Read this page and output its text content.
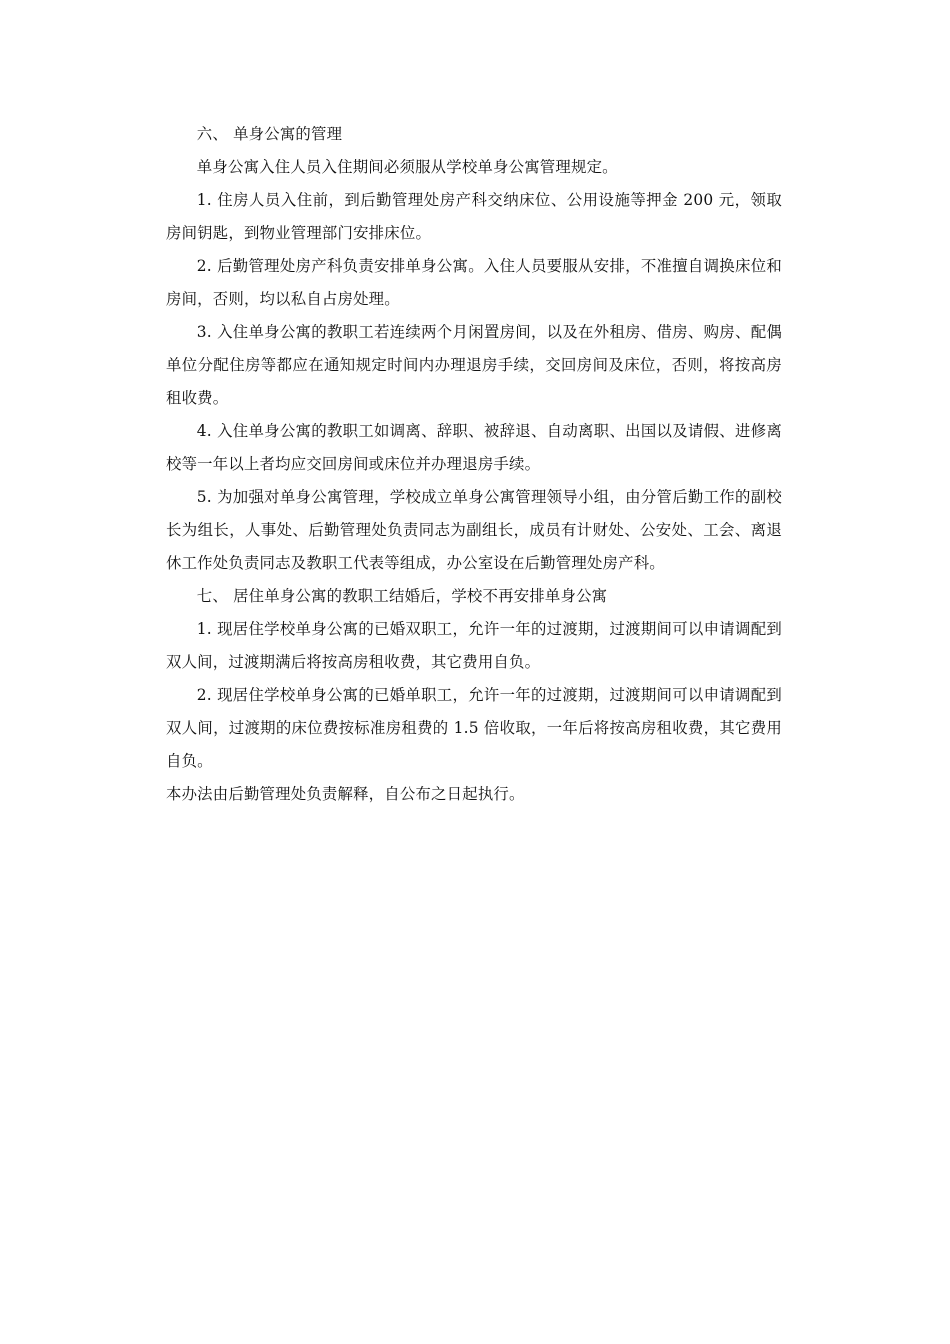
六、 单身公寓的管理

单身公寓入住人员入住期间必须服从学校单身公寓管理规定。

1. 住房人员入住前，到后勤管理处房产科交纳床位、公用设施等押金 200 元，领取房间钥匙，到物业管理部门安排床位。

2. 后勤管理处房产科负责安排单身公寓。入住人员要服从安排，不准擅自调换床位和房间，否则，均以私自占房处理。

3. 入住单身公寓的教职工若连续两个月闲置房间，以及在外租房、借房、购房、配偶单位分配住房等都应在通知规定时间内办理退房手续，交回房间及床位，否则，将按高房租收费。

4. 入住单身公寓的教职工如调离、辞职、被辞退、自动离职、出国以及请假、进修离校等一年以上者均应交回房间或床位并办理退房手续。

5. 为加强对单身公寓管理，学校成立单身公寓管理领导小组，由分管后勤工作的副校长为组长，人事处、后勤管理处负责同志为副组长，成员有计财处、公安处、工会、离退休工作处负责同志及教职工代表等组成，办公室设在后勤管理处房产科。

七、 居住单身公寓的教职工结婚后，学校不再安排单身公寓

1. 现居住学校单身公寓的已婚双职工，允许一年的过渡期，过渡期间可以申请调配到双人间，过渡期满后将按高房租收费，其它费用自负。

2. 现居住学校单身公寓的已婚单职工，允许一年的过渡期，过渡期间可以申请调配到双人间，过渡期的床位费按标准房租费的 1.5 倍收取，一年后将按高房租收费，其它费用自负。

本办法由后勤管理处负责解释，自公布之日起执行。
